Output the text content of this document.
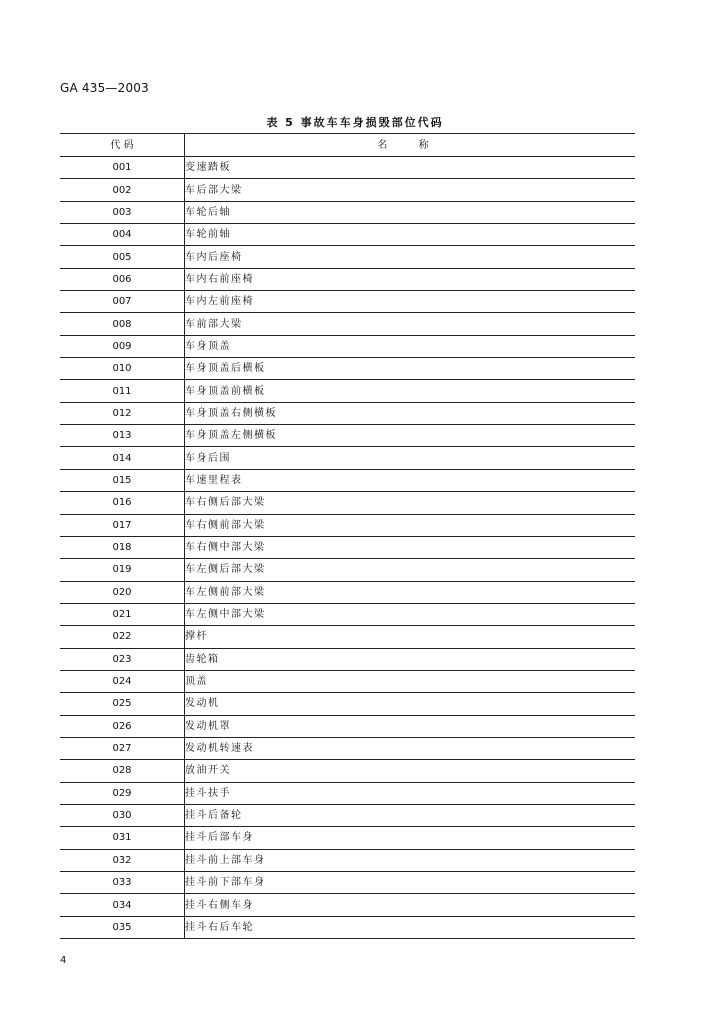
GA 435—2003
表 5 事故车车身损毁部位代码
代 码	名 称
001	变速踏板
002	车后部大梁
003	车轮后轴
004	车轮前轴
005	车内后座椅
006	车内右前座椅
007	车内左前座椅
008	车前部大梁
009	车身顶盖
010	车身顶盖后横板
011	车身顶盖前横板
012	车身顶盖右侧横板
013	车身顶盖左侧横板
014	车身后围
015	车速里程表
016	车右侧后部大梁
017	车右侧前部大梁
018	车右侧中部大梁
019	车左侧后部大梁
020	车左侧前部大梁
021	车左侧中部大梁
022	撑杆
023	齿轮箱
024	顶盖
025	发动机
026	发动机罩
027	发动机转速表
028	放油开关
029	挂斗扶手
030	挂斗后备轮
031	挂斗后部车身
032	挂斗前上部车身
033	挂斗前下部车身
034	挂斗右侧车身
035	挂斗右后车轮
4
